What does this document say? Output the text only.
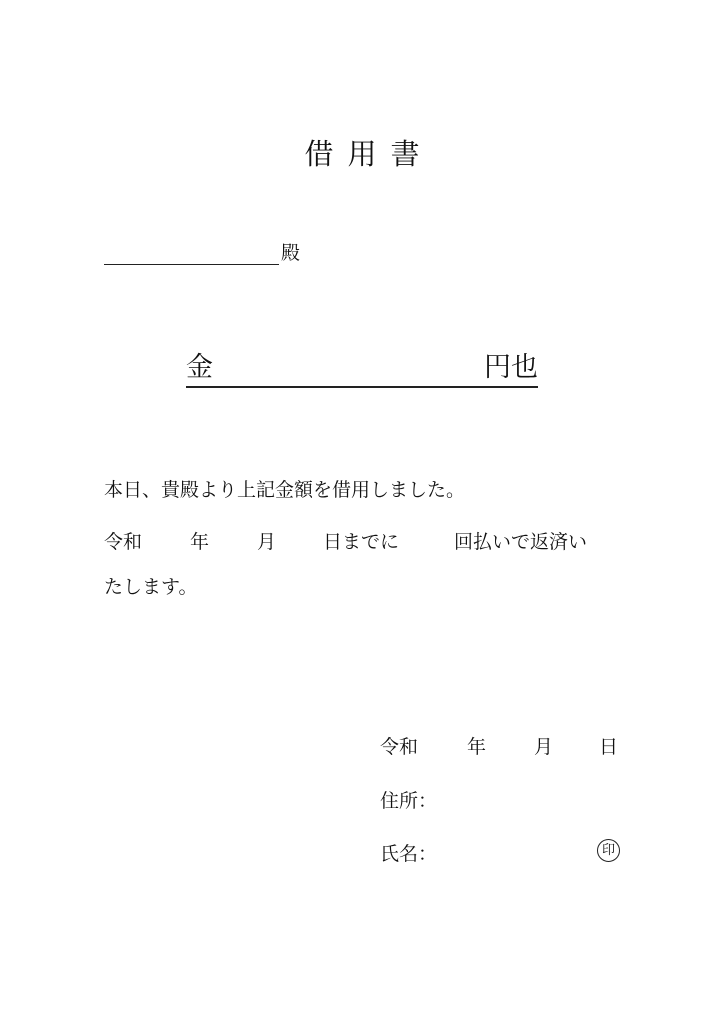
借用書
殿
金	円也
本日、貴殿より上記金額を借用しました。
令和	年	月 日までに	回払いで返済い
たします。
令和	年	月 日
住所：
氏名：	印
